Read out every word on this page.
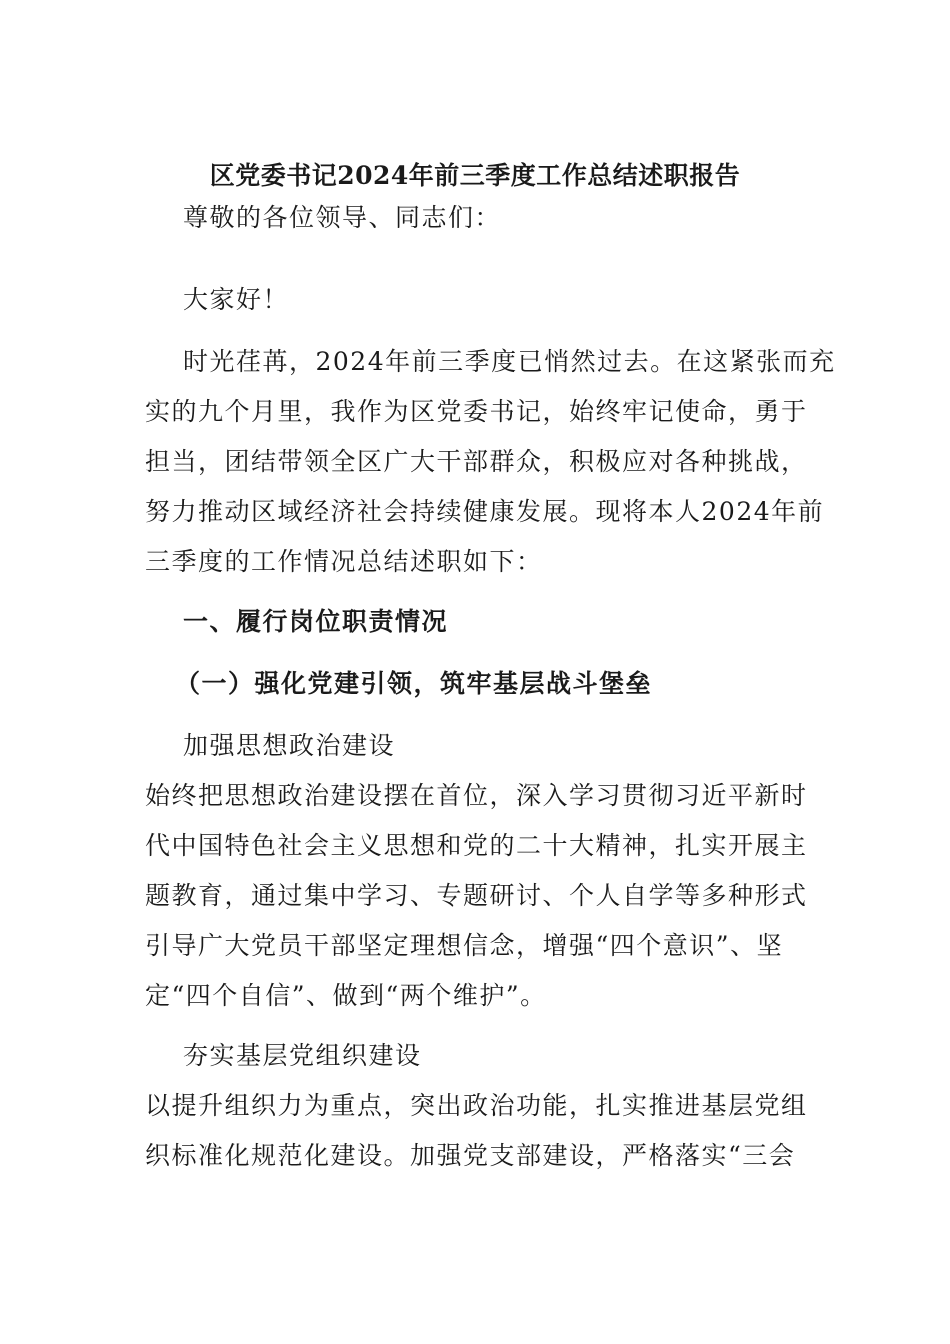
区党委书记2024年前三季度工作总结述职报告

尊敬的各位领导、同志们：

大家好！

时光荏苒，2024年前三季度已悄然过去。在这紧张而充
实的九个月里，我作为区党委书记，始终牢记使命，勇于
担当，团结带领全区广大干部群众，积极应对各种挑战，
努力推动区域经济社会持续健康发展。现将本人2024年前
三季度的工作情况总结述职如下：

一、履行岗位职责情况

（一）强化党建引领，筑牢基层战斗堡垒

加强思想政治建设

始终把思想政治建设摆在首位，深入学习贯彻习近平新时
代中国特色社会主义思想和党的二十大精神，扎实开展主
题教育，通过集中学习、专题研讨、个人自学等多种形式
引导广大党员干部坚定理想信念，增强“四个意识”、坚
定“四个自信”、做到“两个维护”。

夯实基层党组织建设

以提升组织力为重点，突出政治功能，扎实推进基层党组
织标准化规范化建设。加强党支部建设，严格落实“三会
